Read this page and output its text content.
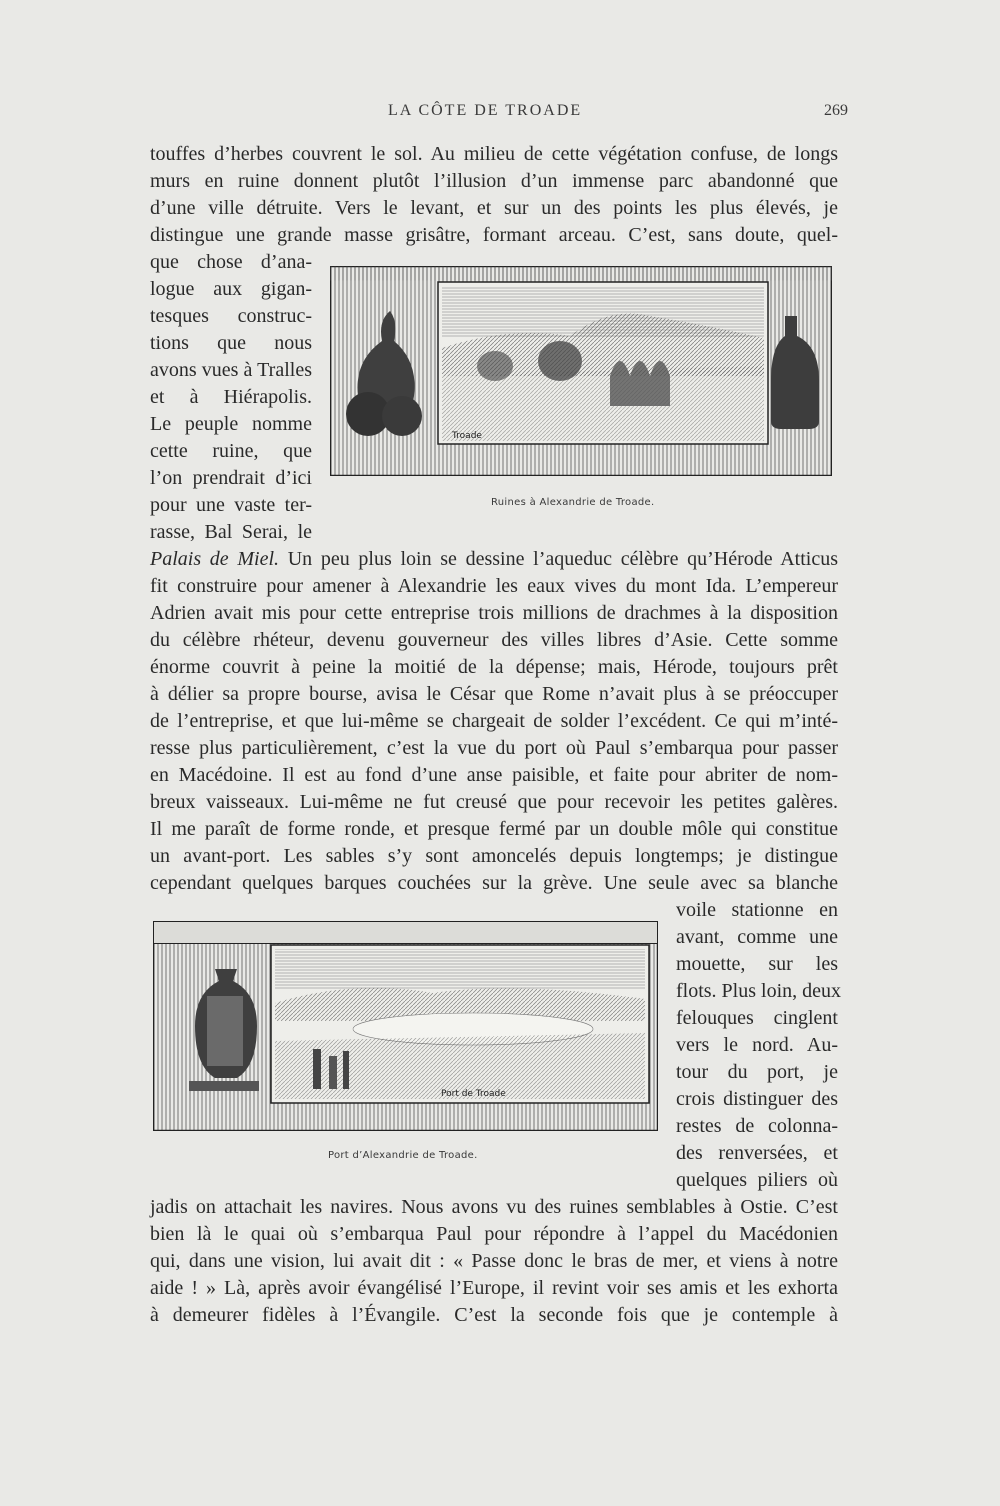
LA CÔTE DE TROADE	269
touffes d’herbes couvrent le sol. Au milieu de cette végétation confuse, de longs
murs en ruine donnent plutôt l’illusion d’un immense parc abandonné que
d’une ville détruite. Vers le levant, et sur un des points les plus élevés, je
distingue une grande masse grisâtre, formant arceau. C’est, sans doute, quel-
que chose d’ana-
logue aux gigan-
tesques construc-
tions que nous
avons vues à Tralles
et à Hiérapolis.
Le peuple nomme
cette ruine, que
l’on prendrait d’ici
pour une vaste ter-
rasse, Bal Serai, le
Troade
Ruines à Alexandrie de Troade.
Palais de Miel. Un peu plus loin se dessine l’aqueduc célèbre qu’Hérode Atticus
fit construire pour amener à Alexandrie les eaux vives du mont Ida. L’empereur
Adrien avait mis pour cette entreprise trois millions de drachmes à la disposition
du célèbre rhéteur, devenu gouverneur des villes libres d’Asie. Cette somme
énorme couvrit à peine la moitié de la dépense; mais, Hérode, toujours prêt
à délier sa propre bourse, avisa le César que Rome n’avait plus à se préoccuper
de l’entreprise, et que lui-même se chargeait de solder l’excédent. Ce qui m’inté-
resse plus particulièrement, c’est la vue du port où Paul s’embarqua pour passer
en Macédoine. Il est au fond d’une anse paisible, et faite pour abriter de nom-
breux vaisseaux. Lui-même ne fut creusé que pour recevoir les petites galères.
Il me paraît de forme ronde, et presque fermé par un double môle qui constitue
un avant-port. Les sables s’y sont amoncelés depuis longtemps; je distingue
cependant quelques barques couchées sur la grève. Une seule avec sa blanche
Port de Troade
Port d’Alexandrie de Troade.
voile stationne en
avant, comme une
mouette, sur les
flots. Plus loin, deux
felouques cinglent
vers le nord. Au-
tour du port, je
crois distinguer des
restes de colonna-
des renversées, et
quelques piliers où
jadis on attachait les navires. Nous avons vu des ruines semblables à Ostie. C’est
bien là le quai où s’embarqua Paul pour répondre à l’appel du Macédonien
qui, dans une vision, lui avait dit : « Passe donc le bras de mer, et viens à notre
aide ! » Là, après avoir évangélisé l’Europe, il revint voir ses amis et les exhorta
à demeurer fidèles à l’Évangile. C’est la seconde fois que je contemple à
